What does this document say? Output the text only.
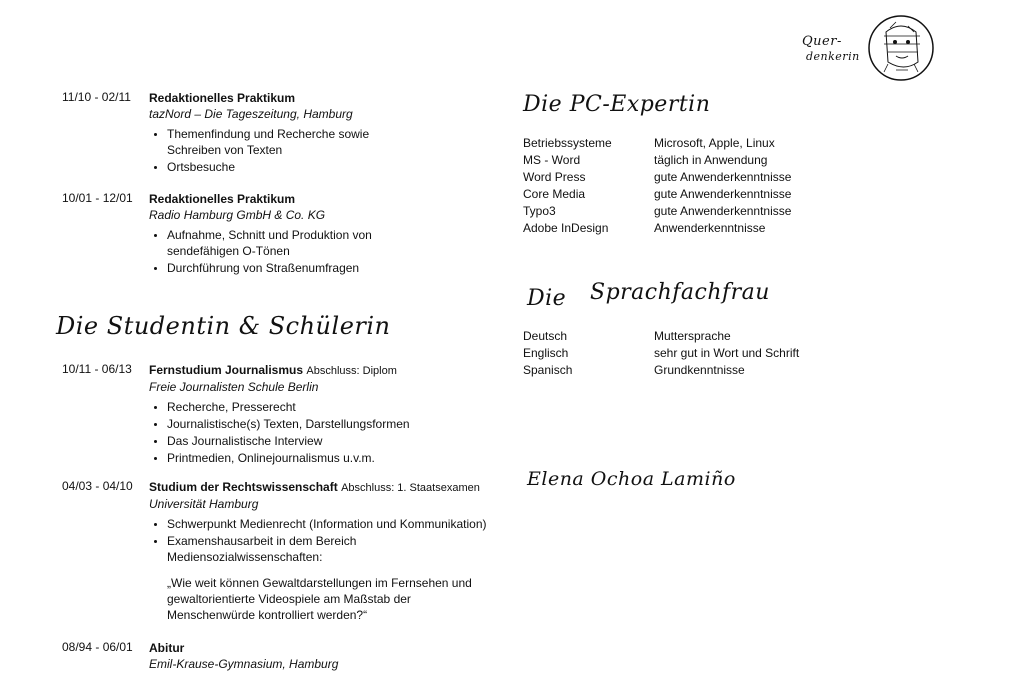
Quer-
denkerin
11/10 - 02/11	Redaktionelles Praktikum
tazNord – Die Tageszeitung, Hamburg
• Themenfindung und Recherche sowie Schreiben von Texten
• Ortsbesuche
10/01 - 12/01	Redaktionelles Praktikum
Radio Hamburg GmbH & Co. KG
• Aufnahme, Schnitt und Produktion von sendefähigen O-Tönen
• Durchführung von Straßenumfragen
Die Studentin & Schülerin
10/11 - 06/13	Fernstudium Journalismus Abschluss: Diplom
Freie Journalisten Schule Berlin
• Recherche, Presserecht
• Journalistische(s) Texten, Darstellungsformen
• Das Journalistische Interview
• Printmedien, Onlinejournalismus u.v.m.
04/03 - 04/10	Studium der Rechtswissenschaft Abschluss: 1. Staatsexamen
Universität Hamburg
• Schwerpunkt Medienrecht (Information und Kommunikation)
• Examenshausarbeit in dem Bereich Mediensozialwissenschaften:
„Wie weit können Gewaltdarstellungen im Fernsehen und gewaltorientierte Videospiele am Maßstab der Menschenwürde kontrolliert werden?“
08/94 - 06/01	Abitur
Emil-Krause-Gymnasium, Hamburg
Die PC-Expertin
Betriebssysteme	Microsoft, Apple, Linux
MS - Word	täglich in Anwendung
Word Press	gute Anwenderkenntnisse
Core Media	gute Anwenderkenntnisse
Typo3	gute Anwenderkenntnisse
Adobe InDesign	Anwenderkenntnisse
Die Sprachfachfrau
Deutsch	Muttersprache
Englisch	sehr gut in Wort und Schrift
Spanisch	Grundkenntnisse
Elena Ochoa Lamiño
